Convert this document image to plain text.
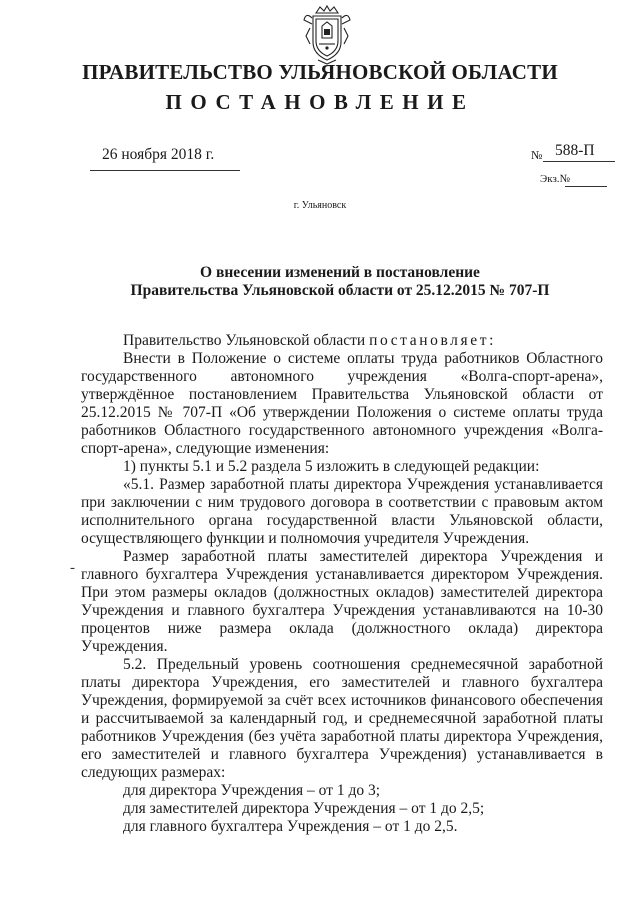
ПРАВИТЕЛЬСТВО УЛЬЯНОВСКОЙ ОБЛАСТИ
ПОСТАНОВЛЕНИЕ
26 ноября 2018 г.	№ 588-П
Экз.№
г. Ульяновск
О внесении изменений в постановление
Правительства Ульяновской области от 25.12.2015 № 707-П
-

Правительство Ульяновской области постановляет:

Внести в Положение о системе оплаты труда работников Областного государственного автономного учреждения «Волга-спорт-арена», утверждённое постановлением Правительства Ульяновской области от 25.12.2015 № 707-П «Об утверждении Положения о системе оплаты труда работников Областного государственного автономного учреждения «Волга-спорт-арена», следующие изменения:

1) пункты 5.1 и 5.2 раздела 5 изложить в следующей редакции:

«5.1. Размер заработной платы директора Учреждения устанавливается при заключении с ним трудового договора в соответствии с правовым актом исполнительного органа государственной власти Ульяновской области, осуществляющего функции и полномочия учредителя Учреждения.

Размер заработной платы заместителей директора Учреждения и главного бухгалтера Учреждения устанавливается директором Учреждения. При этом размеры окладов (должностных окладов) заместителей директора Учреждения и главного бухгалтера Учреждения устанавливаются на 10-30 процентов ниже размера оклада (должностного оклада) директора Учреждения.

5.2. Предельный уровень соотношения среднемесячной заработной платы директора Учреждения, его заместителей и главного бухгалтера Учреждения, формируемой за счёт всех источников финансового обеспечения и рассчитываемой за календарный год, и среднемесячной заработной платы работников Учреждения (без учёта заработной платы директора Учреждения, его заместителей и главного бухгалтера Учреждения) устанавливается в следующих размерах:

для директора Учреждения – от 1 до 3;

для заместителей директора Учреждения – от 1 до 2,5;

для главного бухгалтера Учреждения – от 1 до 2,5.
